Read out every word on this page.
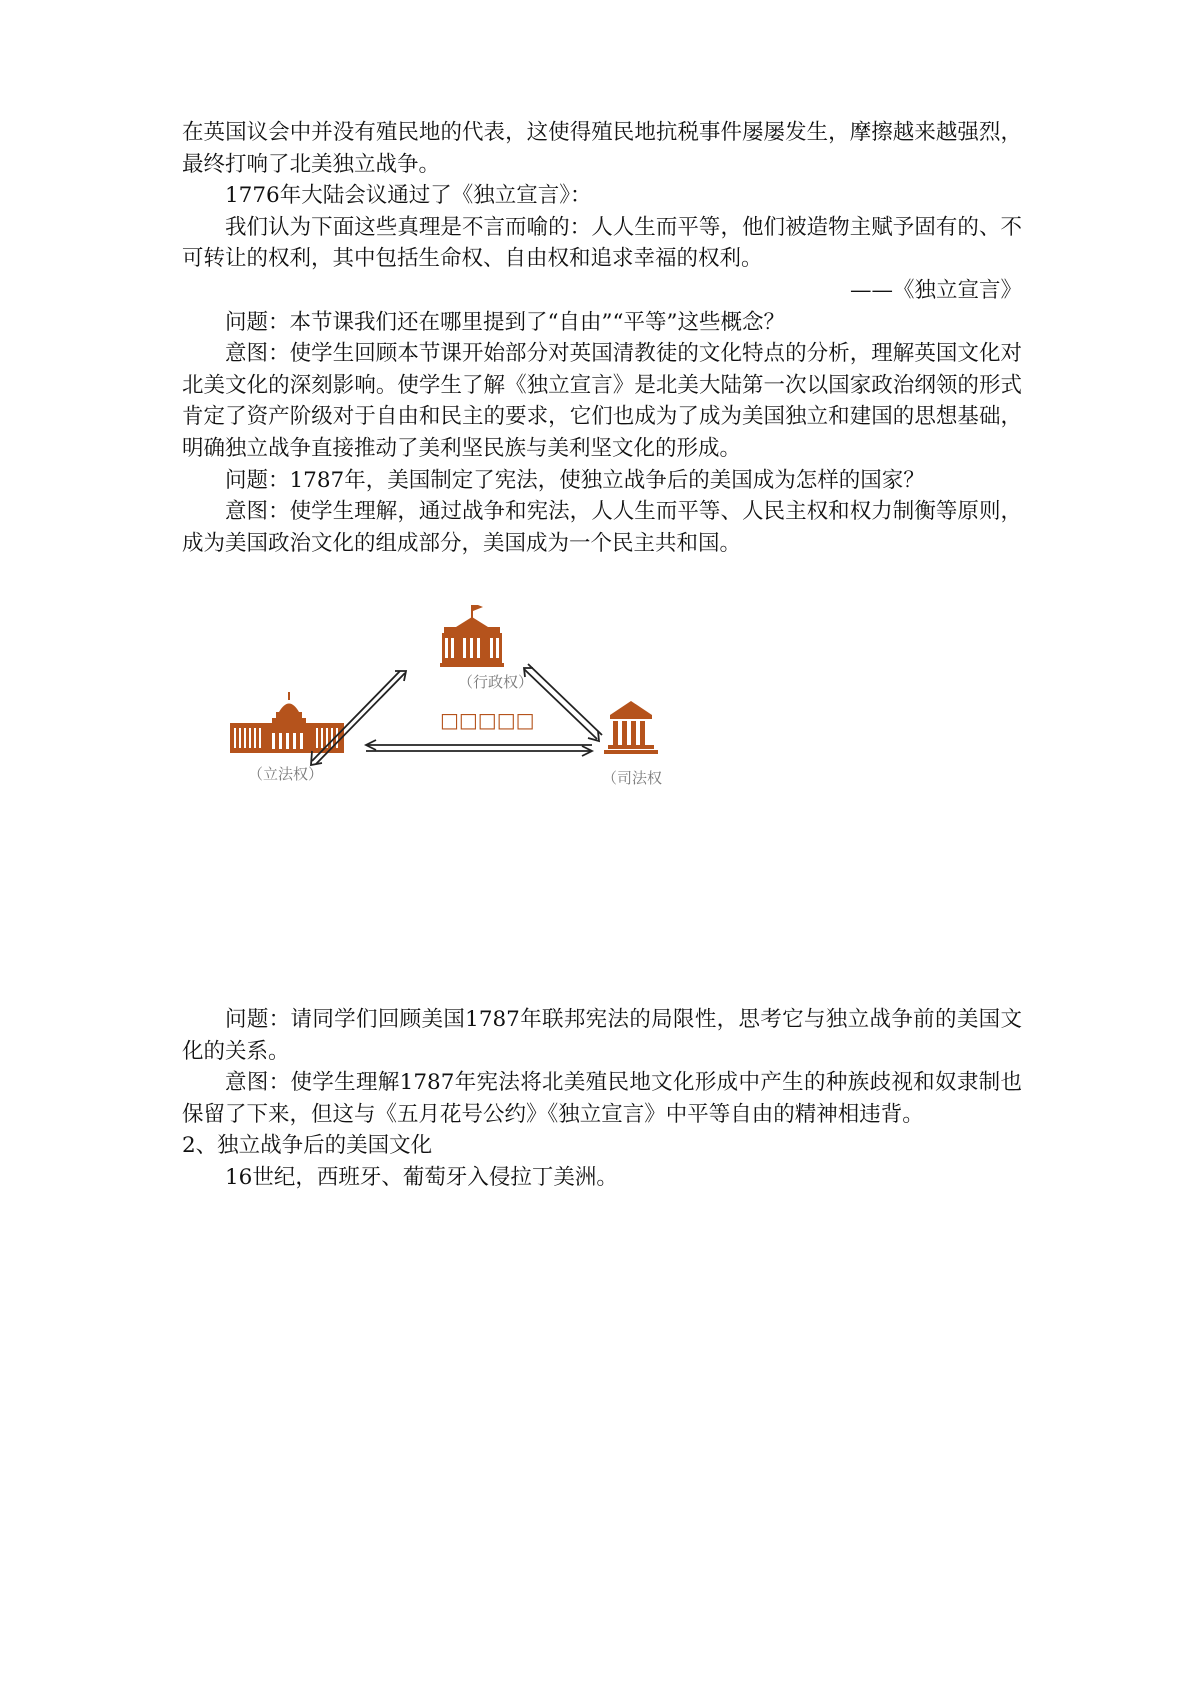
在英国议会中并没有殖民地的代表，这使得殖民地抗税事件屡屡发生，摩擦越来越强烈，最终打响了北美独立战争。

1776年大陆会议通过了《独立宣言》：

我们认为下面这些真理是不言而喻的：人人生而平等，他们被造物主赋予固有的、不可转让的权利，其中包括生命权、自由权和追求幸福的权利。

——《独立宣言》

问题：本节课我们还在哪里提到了“自由”“平等”这些概念？

意图：使学生回顾本节课开始部分对英国清教徒的文化特点的分析，理解英国文化对北美文化的深刻影响。使学生了解《独立宣言》是北美大陆第一次以国家政治纲领的形式肯定了资产阶级对于自由和民主的要求，它们也成为了成为美国独立和建国的思想基础，明确独立战争直接推动了美利坚民族与美利坚文化的形成。

问题：1787年，美国制定了宪法，使独立战争后的美国成为怎样的国家？

意图：使学生理解，通过战争和宪法，人人生而平等、人民主权和权力制衡等原则，成为美国政治文化的组成部分，美国成为一个民主共和国。

（行政权）
（立法权）	（司法权
□□□□□

问题：请同学们回顾美国1787年联邦宪法的局限性，思考它与独立战争前的美国文化的关系。

意图：使学生理解1787年宪法将北美殖民地文化形成中产生的种族歧视和奴隶制也保留了下来，但这与《五月花号公约》《独立宣言》中平等自由的精神相违背。

2、独立战争后的美国文化

16世纪，西班牙、葡萄牙入侵拉丁美洲。
